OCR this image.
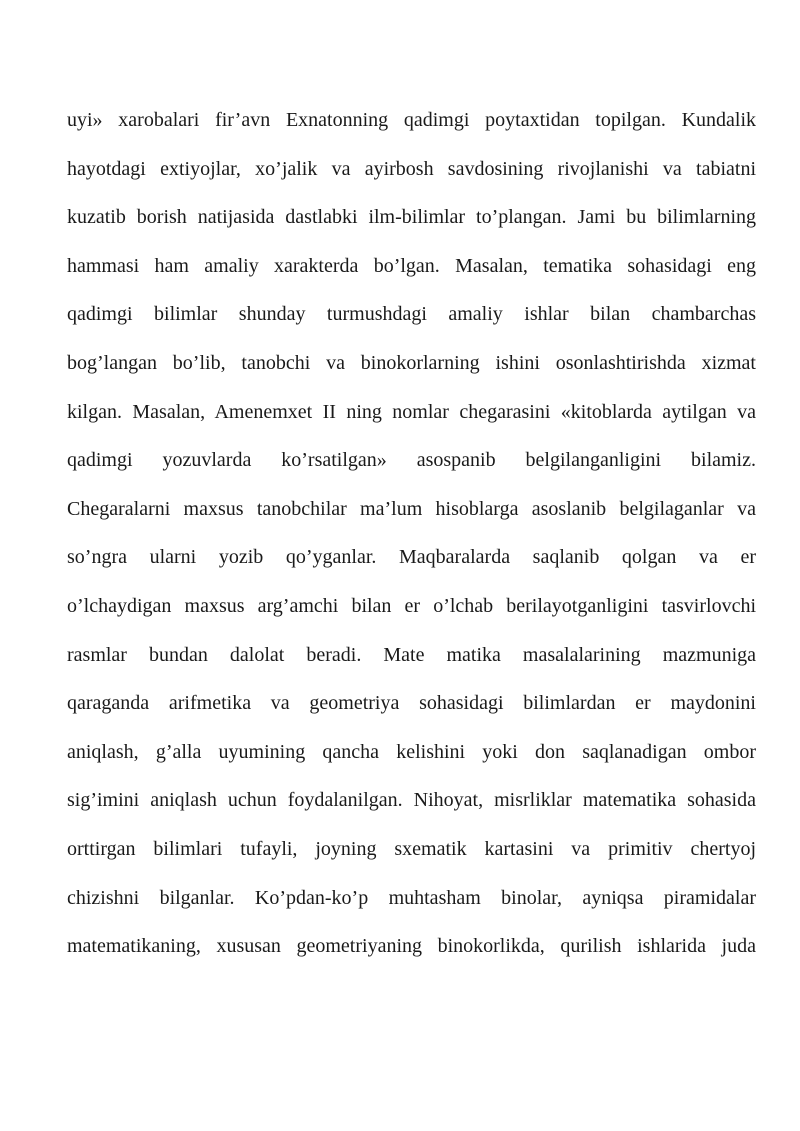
uyi» xarobalari fir’avn Exnatonning qadimgi poytaxtidan topilgan. Kundalik
hayotdagi extiyojlar, xo’jalik va ayirbosh savdosining rivojlanishi va tabiatni
kuzatib borish natijasida dastlabki ilm-bilimlar to’plangan. Jami bu bilimlarning
hammasi ham amaliy xarakterda bo’lgan. Masalan, tematika sohasidagi eng
qadimgi bilimlar shunday turmushdagi amaliy ishlar bilan chambarchas
bog’langan bo’lib, tanobchi va binokorlarning ishini osonlashtirishda xizmat
kilgan. Masalan, Amenemxet II ning nomlar chegarasini «kitoblarda aytilgan va
qadimgi yozuvlarda ko’rsatilgan» asospanib belgilanganligini bilamiz.
Chegaralarni maxsus tanobchilar ma’lum hisoblarga asoslanib belgilaganlar va
so’ngra ularni yozib qo’yganlar. Maqbaralarda saqlanib qolgan va er
o’lchaydigan maxsus arg’amchi bilan er o’lchab berilayotganligini tasvirlovchi
rasmlar bundan dalolat beradi. Mate matika masalalarining mazmuniga
qaraganda arifmetika va geometriya sohasidagi bilimlardan er maydonini
aniqlash, g’alla uyumining qancha kelishini yoki don saqlanadigan ombor
sig’imini aniqlash uchun foydalanilgan. Nihoyat, misrliklar matematika sohasida
orttirgan bilimlari tufayli, joyning sxematik kartasini va primitiv chertyoj
chizishni bilganlar. Ko’pdan-ko’p muhtasham binolar, ayniqsa piramidalar
matematikaning, xususan geometriyaning binokorlikda, qurilish ishlarida juda
